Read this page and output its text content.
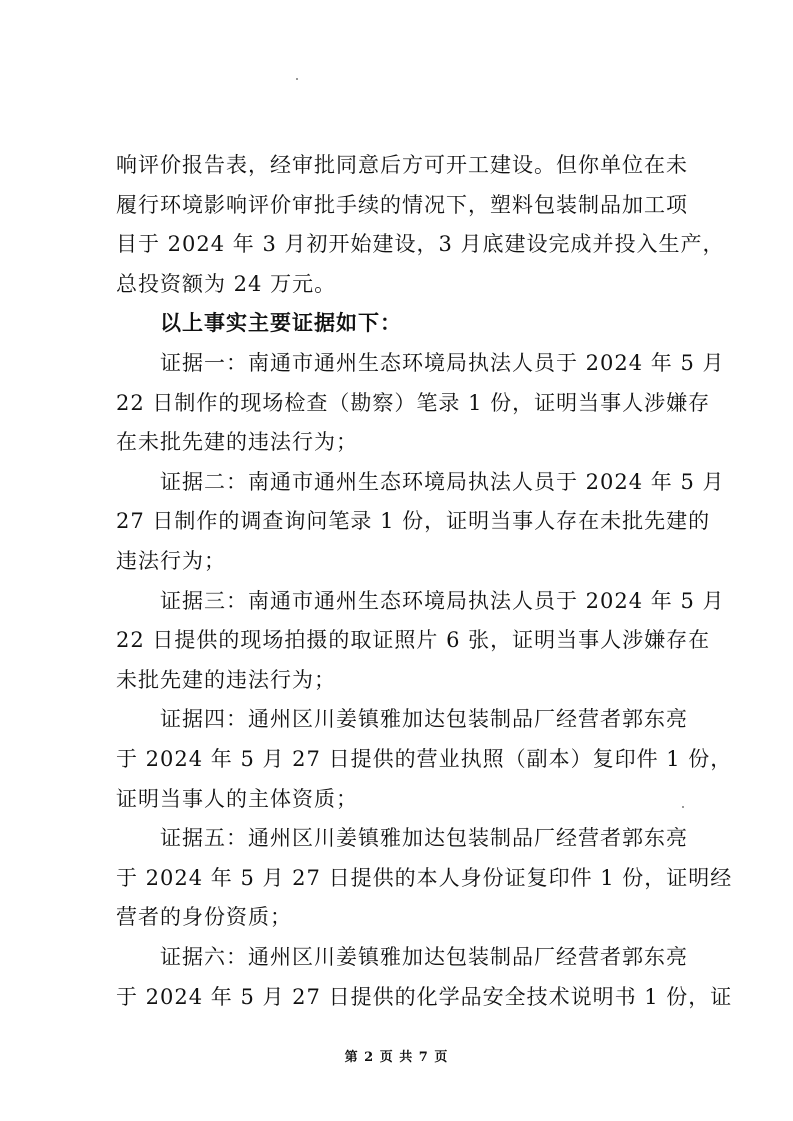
响评价报告表，经审批同意后方可开工建设。但你单位在未
履行环境影响评价审批手续的情况下，塑料包装制品加工项
目于 2024 年 3 月初开始建设，3 月底建设完成并投入生产，
总投资额为 24 万元。
以上事实主要证据如下：
证据一：南通市通州生态环境局执法人员于 2024 年 5 月
22 日制作的现场检查（勘察）笔录 1 份，证明当事人涉嫌存
在未批先建的违法行为；
证据二：南通市通州生态环境局执法人员于 2024 年 5 月
27 日制作的调查询问笔录 1 份，证明当事人存在未批先建的
违法行为；
证据三：南通市通州生态环境局执法人员于 2024 年 5 月
22 日提供的现场拍摄的取证照片 6 张，证明当事人涉嫌存在
未批先建的违法行为；
证据四：通州区川姜镇雅加达包装制品厂经营者郭东亮
于 2024 年 5 月 27 日提供的营业执照（副本）复印件 1 份，
证明当事人的主体资质；
证据五：通州区川姜镇雅加达包装制品厂经营者郭东亮
于 2024 年 5 月 27 日提供的本人身份证复印件 1 份，证明经
营者的身份资质；
证据六：通州区川姜镇雅加达包装制品厂经营者郭东亮
于 2024 年 5 月 27 日提供的化学品安全技术说明书 1 份，证
第 2 页 共 7 页
